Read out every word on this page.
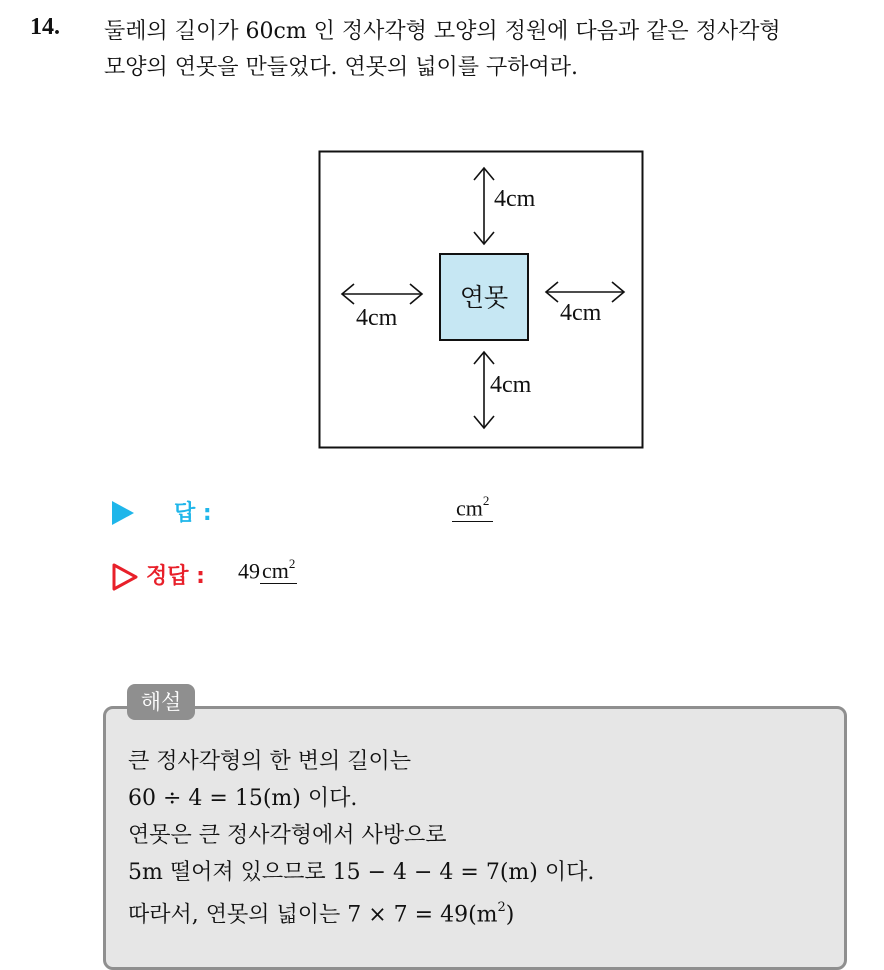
14. 둘레의 길이가 60cm 인 정사각형 모양의 정원에 다음과 같은 정사각형
모양의 연못을 만들었다. 연못의 넓이를 구하여라.
4cm
4cm	4cm
4cm
연못
답 :	$cm^2$
정답 : $49cm^2$
큰 정사각형의 한 변의 길이는
60 ÷ 4 = 15(m) 이다.
연못은 큰 정사각형에서 사방으로
5m 떨어져 있으므로 15 − 4 − 4 = 7(m) 이다.
따라서, 연못의 넓이는 $7 \times 7 = 49(m^2)$
해설
